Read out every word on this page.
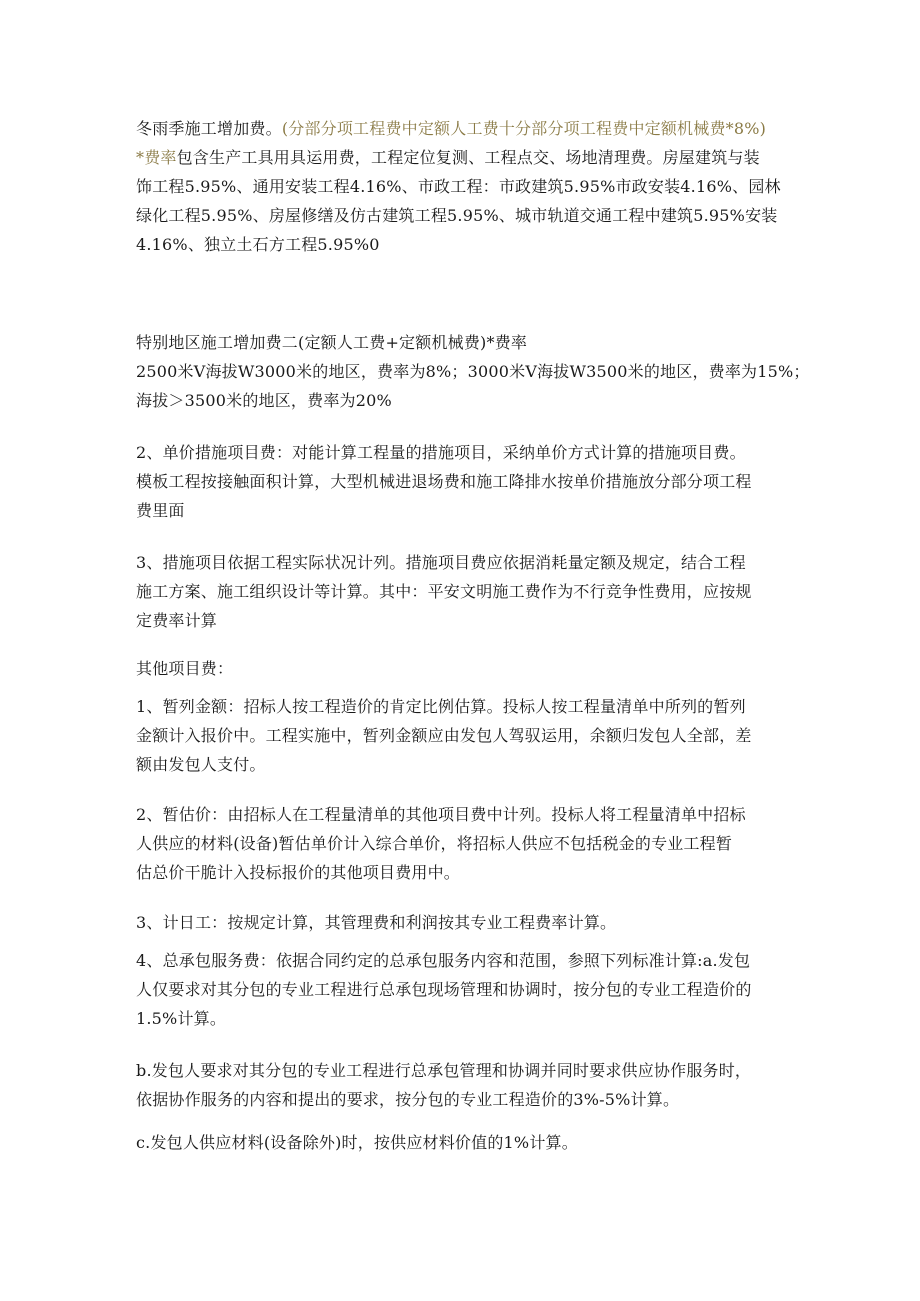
冬雨季施工增加费。(分部分项工程费中定额人工费十分部分项工程费中定额机械费*8%)
*费率包含生产工具用具运用费，工程定位复测、工程点交、场地清理费。房屋建筑与装
饰工程5.95%、通用安装工程4.16%、市政工程：市政建筑5.95%市政安装4.16%、园林
绿化工程5.95%、房屋修缮及仿古建筑工程5.95%、城市轨道交通工程中建筑5.95%安装
4.16%、独立土石方工程5.95%0
特别地区施工增加费二(定额人工费+定额机械费)*费率
2500米V海拔W3000米的地区，费率为8%；3000米V海拔W3500米的地区，费率为15%；
海拔＞3500米的地区，费率为20%
2、单价措施项目费：对能计算工程量的措施项目，采纳单价方式计算的措施项目费。
模板工程按接触面积计算，大型机械进退场费和施工降排水按单价措施放分部分项工程
费里面
3、措施项目依据工程实际状况计列。措施项目费应依据消耗量定额及规定，结合工程
施工方案、施工组织设计等计算。其中：平安文明施工费作为不行竞争性费用，应按规
定费率计算
其他项目费：
1、暂列金额：招标人按工程造价的肯定比例估算。投标人按工程量清单中所列的暂列
金额计入报价中。工程实施中，暂列金额应由发包人驾驭运用，余额归发包人全部，差
额由发包人支付。
2、暂估价：由招标人在工程量清单的其他项目费中计列。投标人将工程量清单中招标
人供应的材料(设备)暂估单价计入综合单价，将招标人供应不包括税金的专业工程暂
估总价干脆计入投标报价的其他项目费用中。
3、计日工：按规定计算，其管理费和利润按其专业工程费率计算。
4、总承包服务费：依据合同约定的总承包服务内容和范围，参照下列标准计算:a.发包
人仅要求对其分包的专业工程进行总承包现场管理和协调时，按分包的专业工程造价的
1.5%计算。
b.发包人要求对其分包的专业工程进行总承包管理和协调并同时要求供应协作服务时，
依据协作服务的内容和提出的要求，按分包的专业工程造价的3%-5%计算。
c.发包人供应材料(设备除外)时，按供应材料价值的1%计算。
